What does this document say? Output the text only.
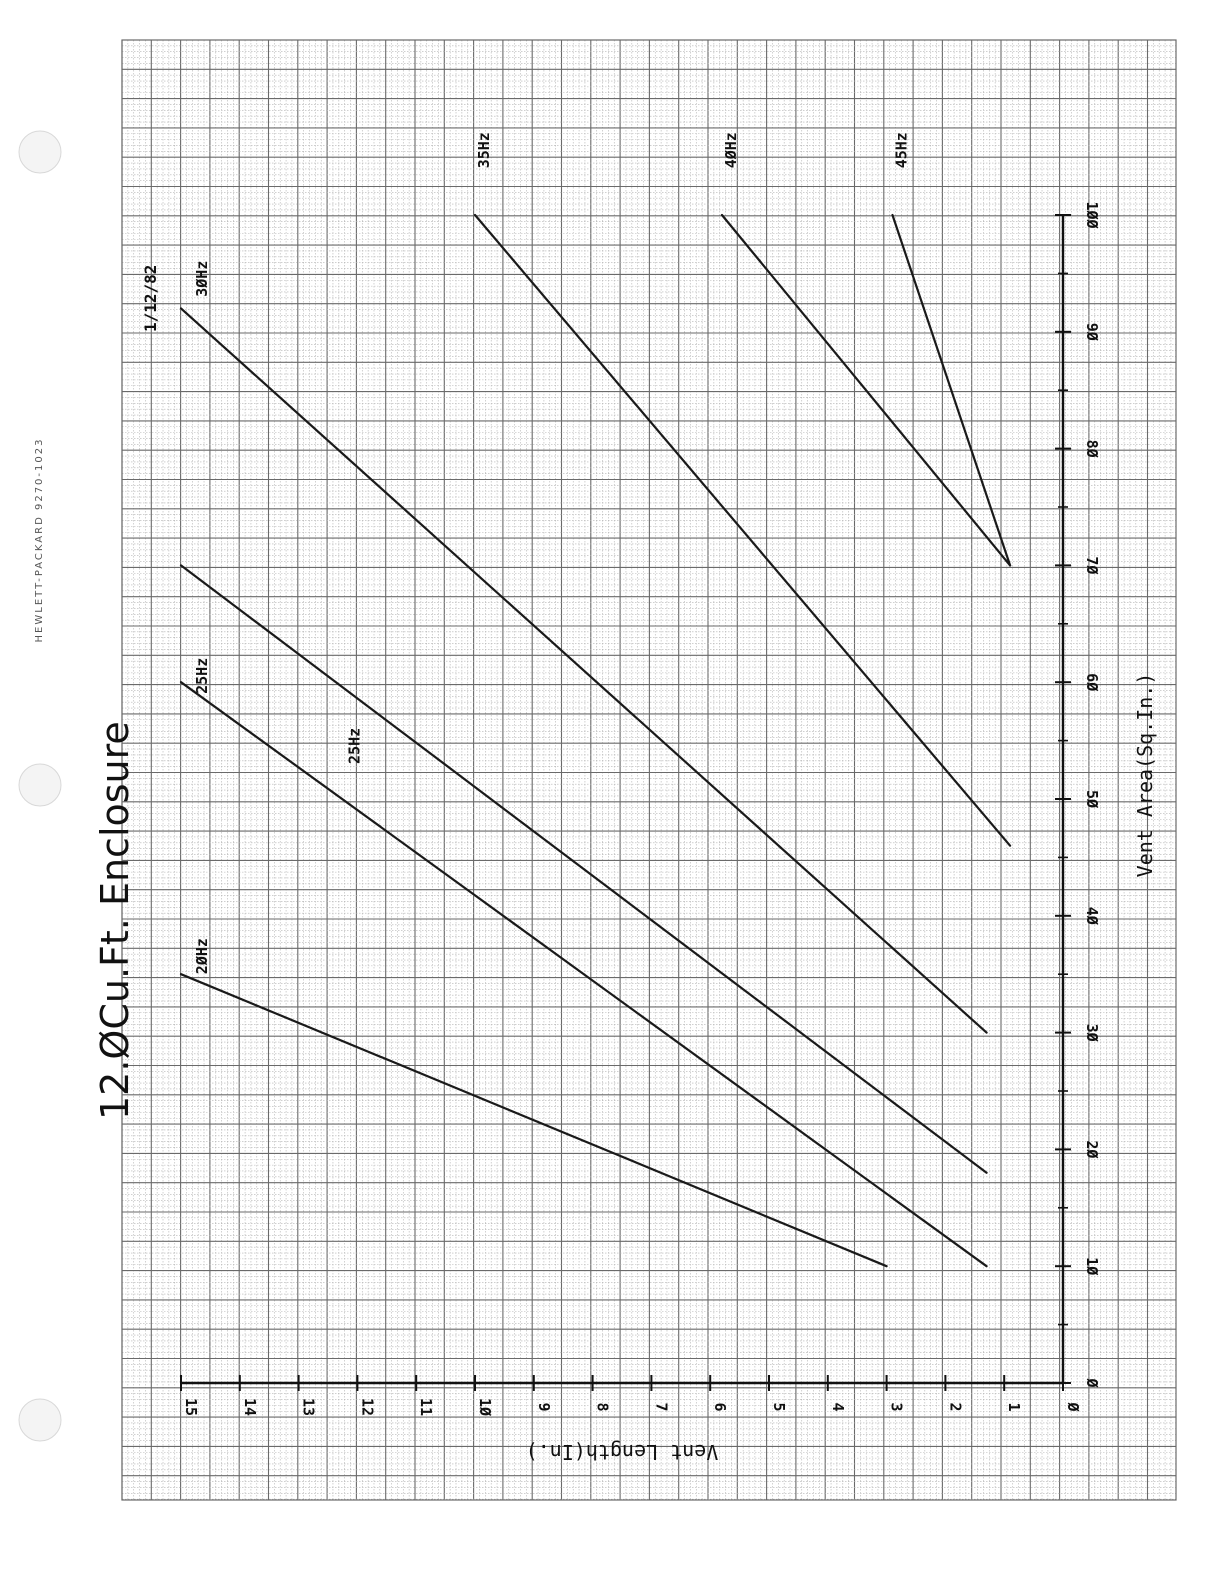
HEWLETT-PACKARD 9270-1023
Ø
1Ø
2Ø
3Ø
4Ø
5Ø
6Ø
7Ø
8Ø
9Ø
1ØØ
Ø
1
2
3
4
5
6
7
8
9
1Ø
11
12
13
14
15
Vent Length(In.)
2ØHz
25Hz
25Hz
3ØHz
35Hz	4ØHz	45Hz
12.ØCu.Ft. Enclosure
1/12/82
Vent Area(Sq.In.)
